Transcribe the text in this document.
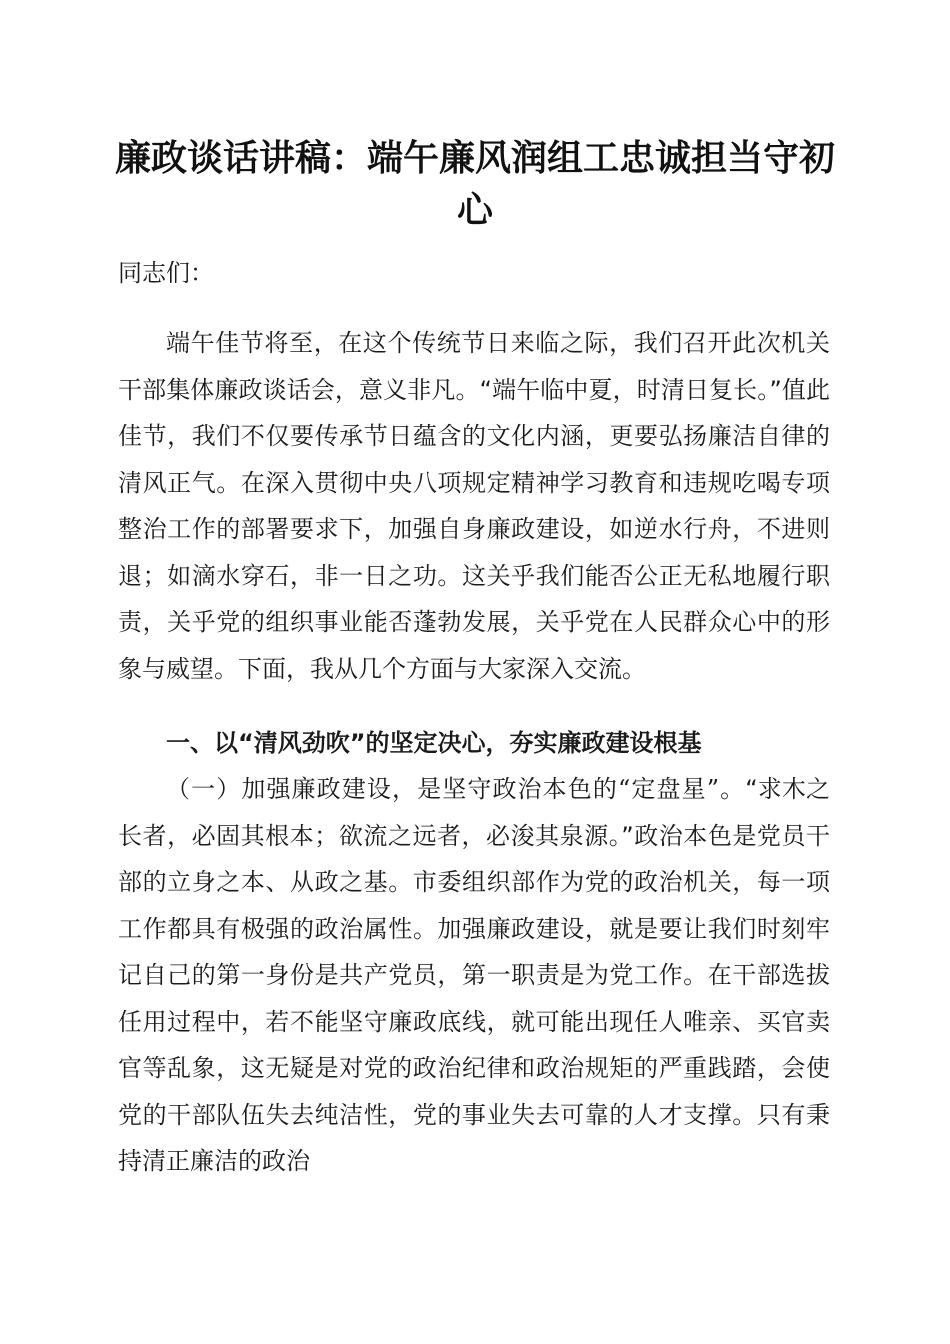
廉政谈话讲稿：端午廉风润组工忠诚担当守初心

同志们：

端午佳节将至，在这个传统节日来临之际，我们召开此次机关干部集体廉政谈话会，意义非凡。“端午临中夏，时清日复长。”值此佳节，我们不仅要传承节日蕴含的文化内涵，更要弘扬廉洁自律的清风正气。在深入贯彻中央八项规定精神学习教育和违规吃喝专项整治工作的部署要求下，加强自身廉政建设，如逆水行舟，不进则退；如滴水穿石，非一日之功。这关乎我们能否公正无私地履行职责，关乎党的组织事业能否蓬勃发展，关乎党在人民群众心中的形象与威望。下面，我从几个方面与大家深入交流。

一、以“清风劲吹”的坚定决心，夯实廉政建设根基

（一）加强廉政建设，是坚守政治本色的“定盘星”。“求木之长者，必固其根本；欲流之远者，必浚其泉源。”政治本色是党员干部的立身之本、从政之基。市委组织部作为党的政治机关，每一项工作都具有极强的政治属性。加强廉政建设，就是要让我们时刻牢记自己的第一身份是共产党员，第一职责是为党工作。在干部选拔任用过程中，若不能坚守廉政底线，就可能出现任人唯亲、买官卖官等乱象，这无疑是对党的政治纪律和政治规矩的严重践踏，会使党的干部队伍失去纯洁性，党的事业失去可靠的人才支撑。只有秉持清正廉洁的政治
